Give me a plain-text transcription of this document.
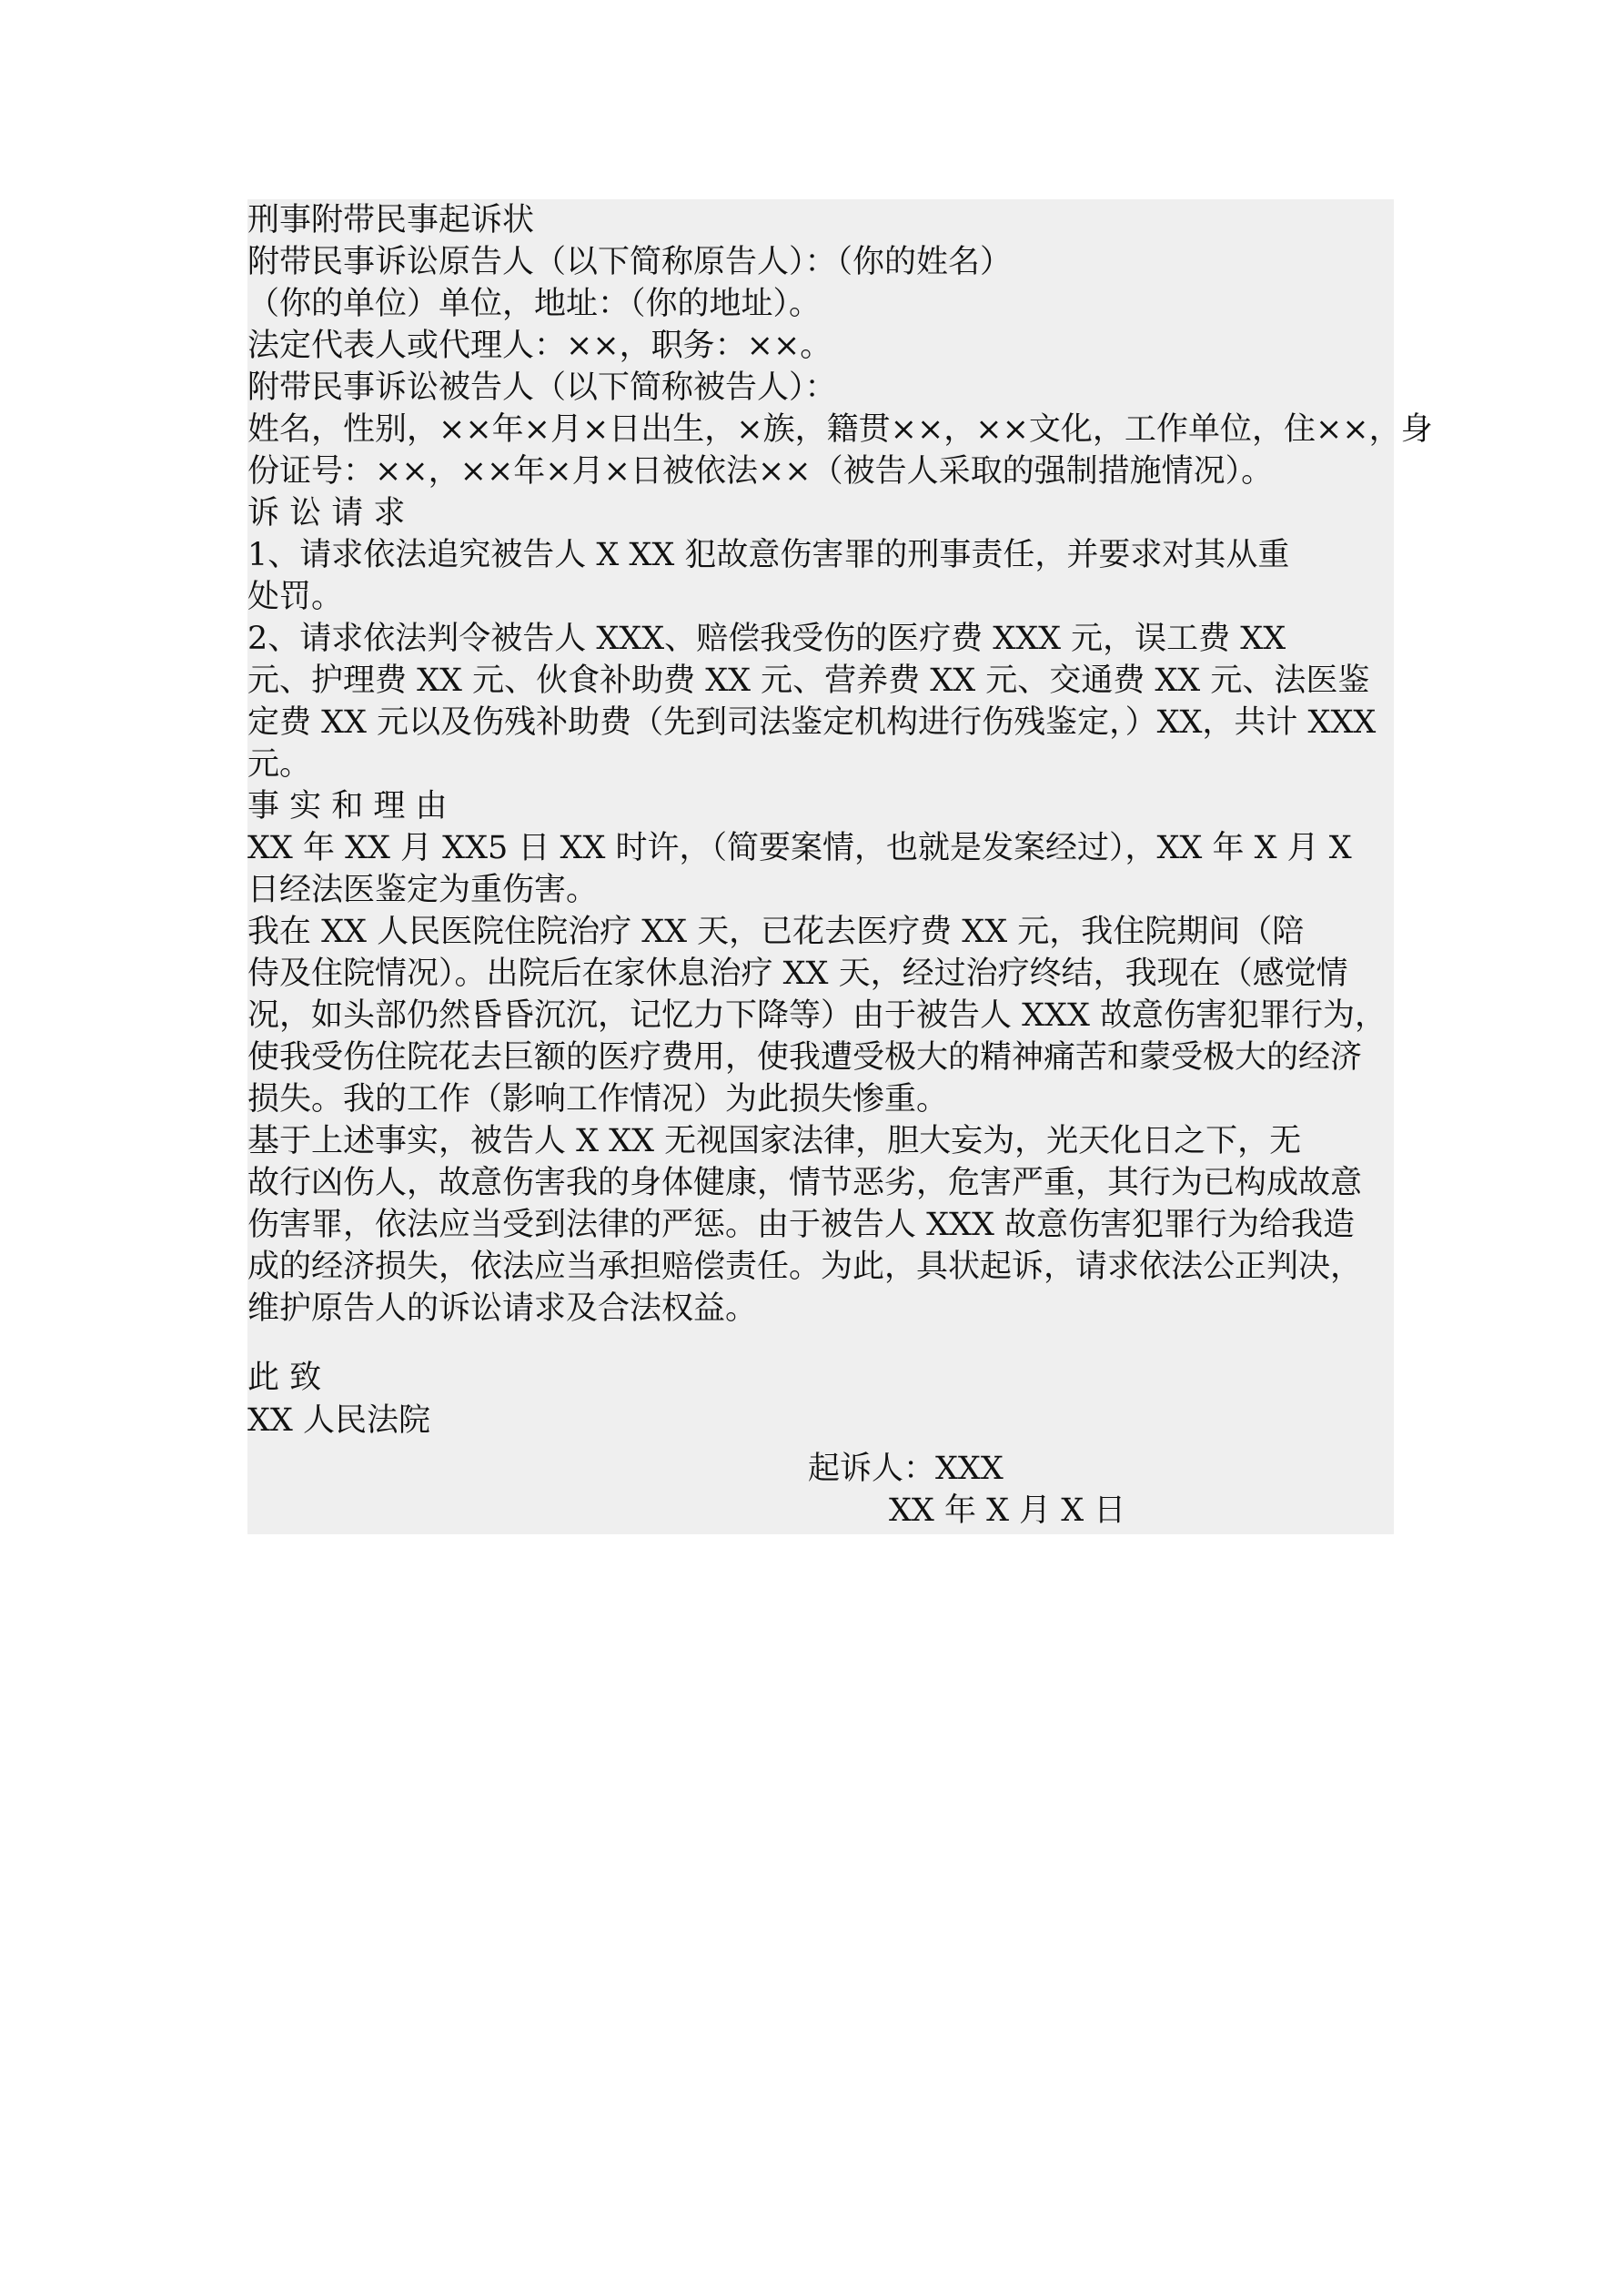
刑事附带民事起诉状
附带民事诉讼原告人（以下简称原告人）：（你的姓名）
（你的单位）单位，地址：（你的地址）。
法定代表人或代理人：××，职务：××。
附带民事诉讼被告人（以下简称被告人）：
姓名，性别，××年×月×日出生，×族，籍贯××，××文化，工作单位，住××，身
份证号：××，××年×月×日被依法××（被告人采取的强制措施情况）。
诉 讼 请 求
1、请求依法追究被告人 X XX 犯故意伤害罪的刑事责任，并要求对其从重
处罚。
2、请求依法判令被告人 XXX、赔偿我受伤的医疗费 XXX 元，误工费 XX
元、护理费 XX 元、伙食补助费 XX 元、营养费 XX 元、交通费 XX 元、法医鉴
定费 XX 元以及伤残补助费（先到司法鉴定机构进行伤残鉴定，）XX，共计 XXX
元。
事 实 和 理 由
XX 年 XX 月 XX5 日 XX 时许，（简要案情，也就是发案经过），XX 年 X 月 X
日经法医鉴定为重伤害。
我在 XX 人民医院住院治疗 XX 天，已花去医疗费 XX 元，我住院期间（陪
侍及住院情况）。出院后在家休息治疗 XX 天，经过治疗终结，我现在（感觉情
况，如头部仍然昏昏沉沉，记忆力下降等）由于被告人 XXX 故意伤害犯罪行为，
使我受伤住院花去巨额的医疗费用，使我遭受极大的精神痛苦和蒙受极大的经济
损失。我的工作（影响工作情况）为此损失惨重。
基于上述事实，被告人 X XX 无视国家法律，胆大妄为，光天化日之下，无
故行凶伤人，故意伤害我的身体健康，情节恶劣，危害严重，其行为已构成故意
伤害罪，依法应当受到法律的严惩。由于被告人 XXX 故意伤害犯罪行为给我造
成的经济损失，依法应当承担赔偿责任。为此，具状起诉，请求依法公正判决，
维护原告人的诉讼请求及合法权益。
此 致
XX 人民法院
起诉人：XXX
XX 年 X 月 X 日
